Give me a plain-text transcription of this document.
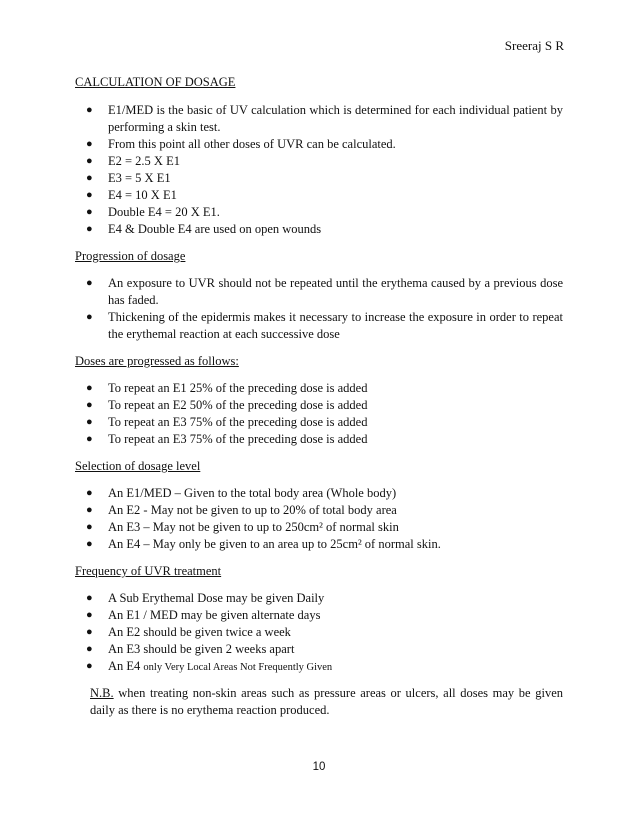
Sreeraj S R

CALCULATION OF DOSAGE

● E1/MED is the basic of UV calculation which is determined for each individual patient by performing a skin test.
● From this point all other doses of UVR can be calculated.
● E2 = 2.5 X E1
● E3 = 5 X E1
● E4 = 10 X E1
● Double E4 = 20 X E1.
● E4 & Double E4 are used on open wounds

Progression of dosage

● An exposure to UVR should not be repeated until the erythema caused by a previous dose has faded.
● Thickening of the epidermis makes it necessary to increase the exposure in order to repeat the erythemal reaction at each successive dose

Doses are progressed as follows:

● To repeat an E1 25% of the preceding dose is added
● To repeat an E2 50% of the preceding dose is added
● To repeat an E3 75% of the preceding dose is added
● To repeat an E3 75% of the preceding dose is added

Selection of dosage level

● An E1/MED – Given to the total body area (Whole body)
● An E2 - May not be given to up to 20% of total body area
● An E3 – May not be given to up to 250cm² of normal skin
● An E4 – May only be given to an area up to 25cm² of normal skin.

Frequency of UVR treatment

● A Sub Erythemal Dose may be given Daily
● An E1 / MED may be given alternate days
● An E2 should be given twice a week
● An E3 should be given 2 weeks apart
● An E4 only Very Local Areas Not Frequently Given

N.B. when treating non-skin areas such as pressure areas or ulcers, all doses may be given daily as there is no erythema reaction produced.

10
